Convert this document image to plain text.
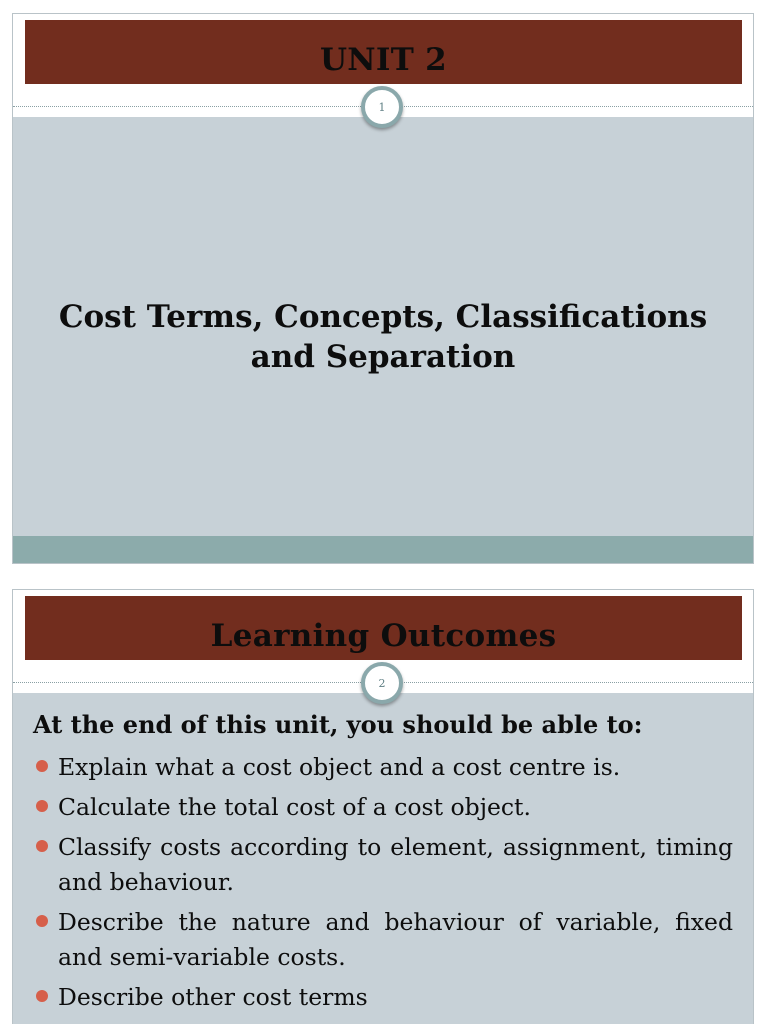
UNIT 2
1
Cost Terms, Concepts, Classifications
and Separation
Learning Outcomes
2
At the end of this unit, you should be able to:
Explain what a cost object and a cost centre is.
Calculate the total cost of a cost object.
Classify costs according to element, assignment, timing and behaviour.
Describe the nature and behaviour of variable, fixed and semi-variable costs.
Describe other cost terms
